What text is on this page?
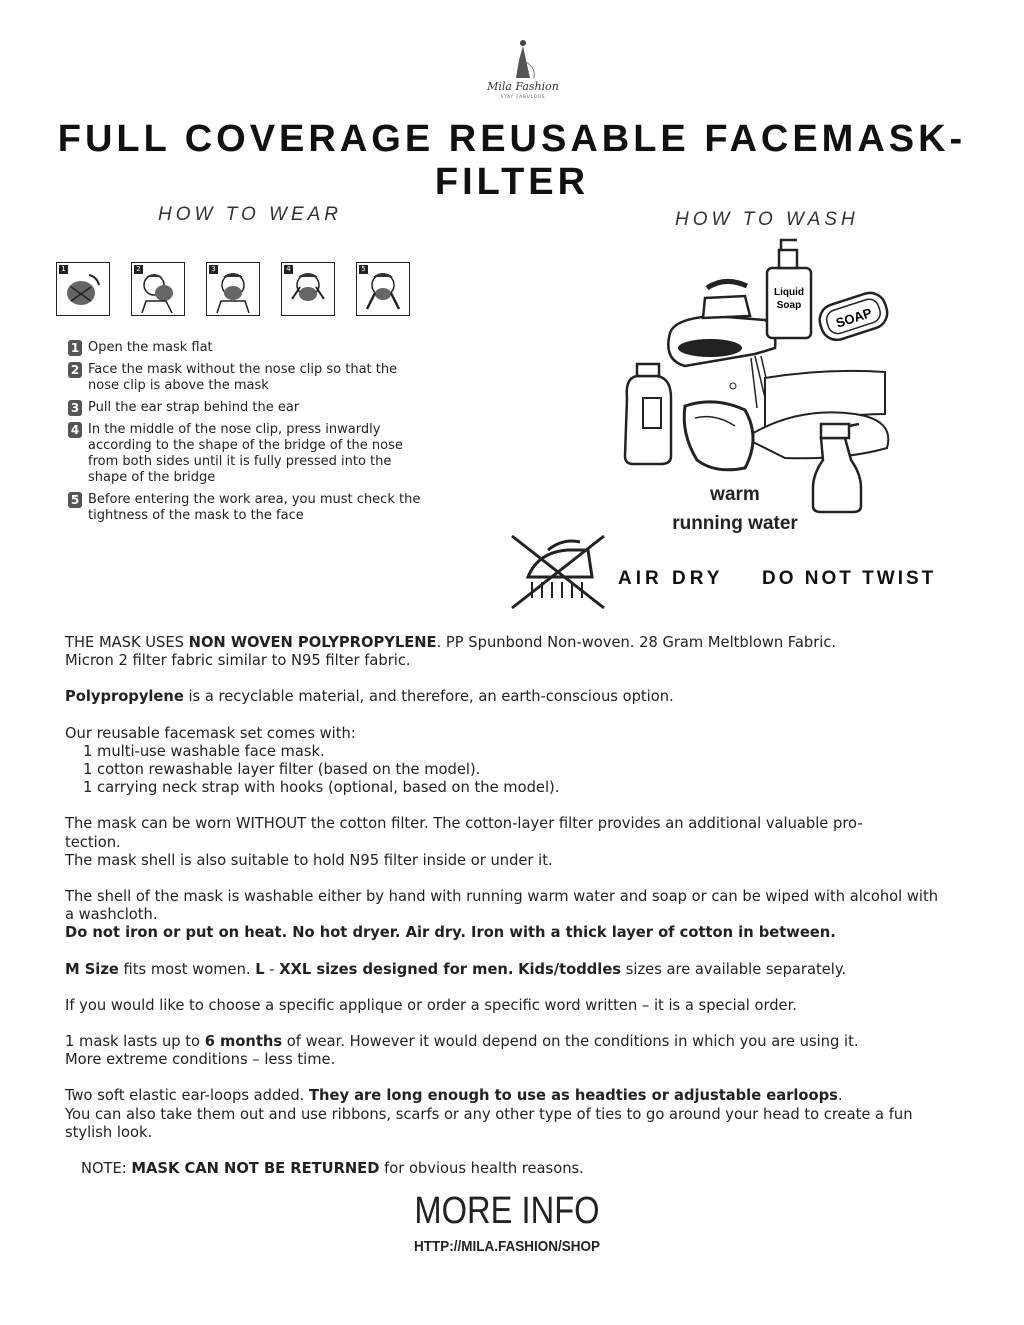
Mila Fashion
STAY FABULOUS
FULL COVERAGE REUSABLE FACEMASK-FILTER
HOW TO WEAR
1	2	3	4	5
1 Open the mask flat
2 Face the mask without the nose clip so that the nose clip is above the mask
3 Pull the ear strap behind the ear
4 In the middle of the nose clip, press inwardly according to the shape of the bridge of the nose from both sides until it is fully pressed into the shape of the bridge
5 Before entering the work area, you must check the tightness of the mask to the face
HOW TO WASH
Liquid
Soap	SOAP
warm
running water
AIR DRY DO NOT TWIST

THE MASK USES NON WOVEN POLYPROPYLENE. PP Spunbond Non-woven. 28 Gram Meltblown Fabric.
Micron 2 filter fabric similar to N95 filter fabric.

Polypropylene is a recyclable material, and therefore, an earth-conscious option.

Our reusable facemask set comes with:
1 multi-use washable face mask.
1 cotton rewashable layer filter (based on the model).
1 carrying neck strap with hooks (optional, based on the model).

The mask can be worn WITHOUT the cotton filter. The cotton-layer filter provides an additional valuable pro-
tection.
The mask shell is also suitable to hold N95 filter inside or under it.

The shell of the mask is washable either by hand with running warm water and soap or can be wiped with alcohol with a washcloth.
Do not iron or put on heat. No hot dryer. Air dry. Iron with a thick layer of cotton in between.

M Size fits most women. L - XXL sizes designed for men. Kids/toddles sizes are available separately.

If you would like to choose a specific applique or order a specific word written – it is a special order.

1 mask lasts up to 6 months of wear. However it would depend on the conditions in which you are using it.
More extreme conditions – less time.

Two soft elastic ear-loops added. They are long enough to use as headties or adjustable earloops.
You can also take them out and use ribbons, scarfs or any other type of ties to go around your head to create a fun stylish look.

NOTE: MASK CAN NOT BE RETURNED for obvious health reasons.

MORE INFO
HTTP://MILA.FASHION/SHOP
